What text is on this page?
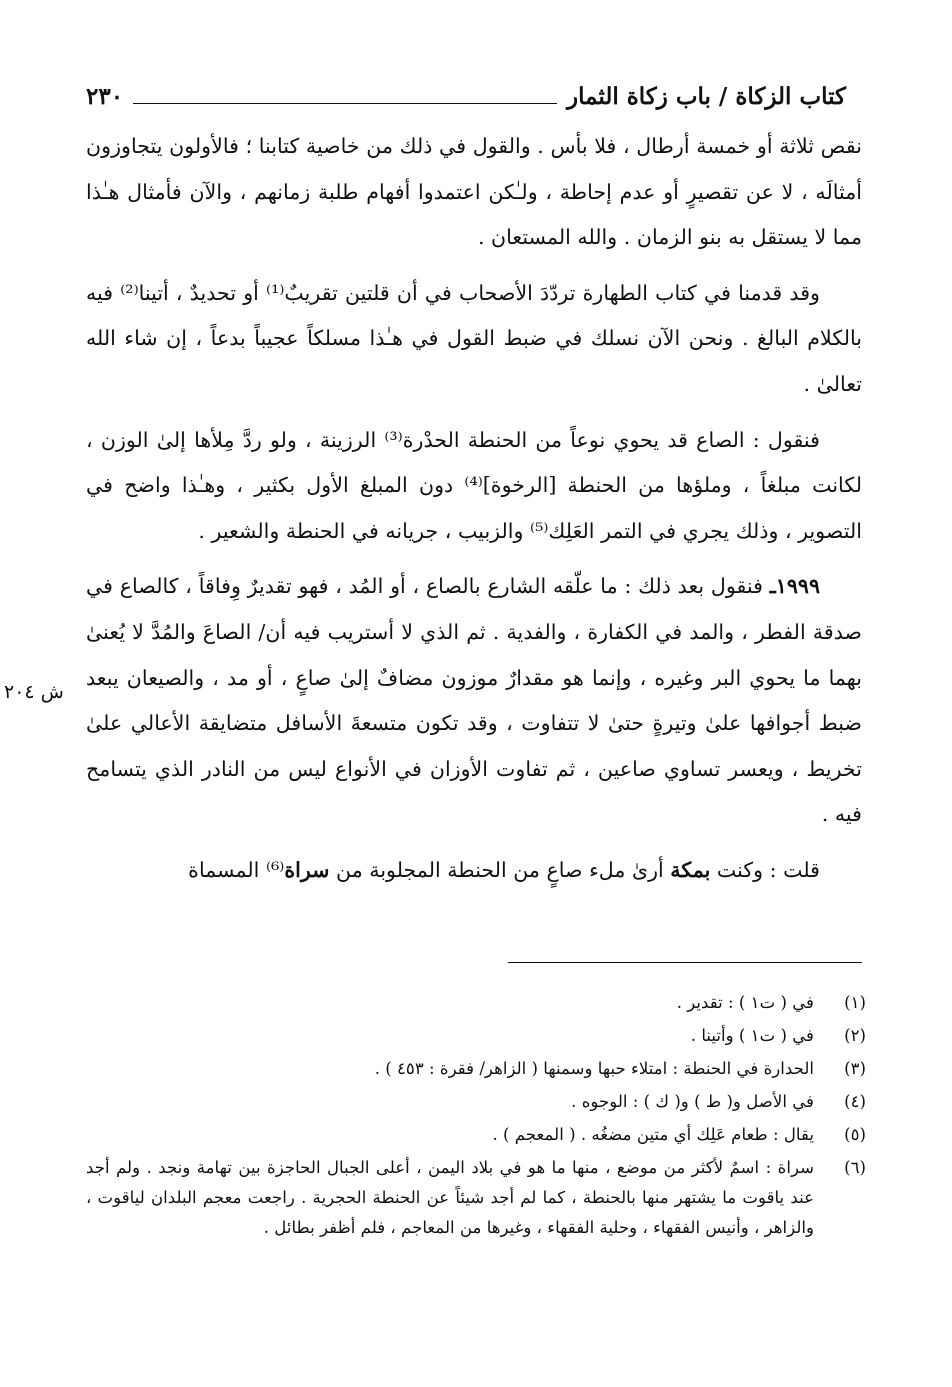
كتاب الزكاة / باب زكاة الثمار
٢٣٠
ش ٢٠٤

نقص ثلاثة أو خمسة أرطال ، فلا بأس . والقول في ذلك من خاصية كتابنا ؛ فالأولون يتجاوزون أمثالَه ، لا عن تقصيرٍ أو عدم إحاطة ، ولـٰكن اعتمدوا أفهام طلبة زمانهم ، والآن فأمثال هـٰذا مما لا يستقل به بنو الزمان . والله المستعان .

وقد قدمنا في كتاب الطهارة تردّدَ الأصحاب في أن قلتين تقريبٌ⁽¹⁾ أو تحديدٌ ، أتينا⁽²⁾ فيه بالكلام البالغ . ونحن الآن نسلك في ضبط القول في هـٰذا مسلكاً عجيباً بدعاً ، إن شاء الله تعالىٰ .

فنقول : الصاع قد يحوي نوعاً من الحنطة الحدْرة⁽³⁾ الرزينة ، ولو ردَّ مِلأها إلىٰ الوزن ، لكانت مبلغاً ، وملؤها من الحنطة [الرخوة]⁽⁴⁾ دون المبلغ الأول بكثير ، وهـٰذا واضح في التصوير ، وذلك يجري في التمر العَلِك⁽⁵⁾ والزبيب ، جريانه في الحنطة والشعير .

١٩٩٩ـ فنقول بعد ذلك : ما علّقه الشارع بالصاع ، أو المُد ، فهو تقديرٌ وِفاقاً ، كالصاع في صدقة الفطر ، والمد في الكفارة ، والفدية . ثم الذي لا أستريب فيه أن/ الصاعَ والمُدَّ لا يُعنىٰ بهما ما يحوي البر وغيره ، وإنما هو مقدارٌ موزون مضافٌ إلىٰ صاعٍ ، أو مد ، والصيعان يبعد ضبط أجوافها علىٰ وتيرةٍ حتىٰ لا تتفاوت ، وقد تكون متسعةَ الأسافل متضايقة الأعالي علىٰ تخريط ، ويعسر تساوي صاعين ، ثم تفاوت الأوزان في الأنواع ليس من النادر الذي يتسامح فيه .

قلت : وكنت بمكة أرىٰ ملء صاعٍ من الحنطة المجلوبة من سراة⁽⁶⁾ المسماة

(١)
في ( ت١ ) : تقدير .
(٢)
في ( ت١ ) وأتينا .
(٣)
الحدارة في الحنطة : امتلاء حبها وسمنها ( الزاهر/ فقرة : ٤٥٣ ) .
(٤)
في الأصل و( ط ) و( ك ) : الوجوه .
(٥)
يقال : طعام عَلِك أي متين مضغُه . ( المعجم ) .
(٦)
سراة : اسمٌ لأكثر من موضع ، منها ما هو في بلاد اليمن ، أعلى الجبال الحاجزة بين تهامة ونجد . ولم أجد عند ياقوت ما يشتهر منها بالحنطة ، كما لم أجد شيئاً عن الحنطة الحجرية . راجعت معجم البلدان لياقوت ، والزاهر ، وأنيس الفقهاء ، وحلية الفقهاء ، وغيرها من المعاجم ، فلم أظفر بطائل .
